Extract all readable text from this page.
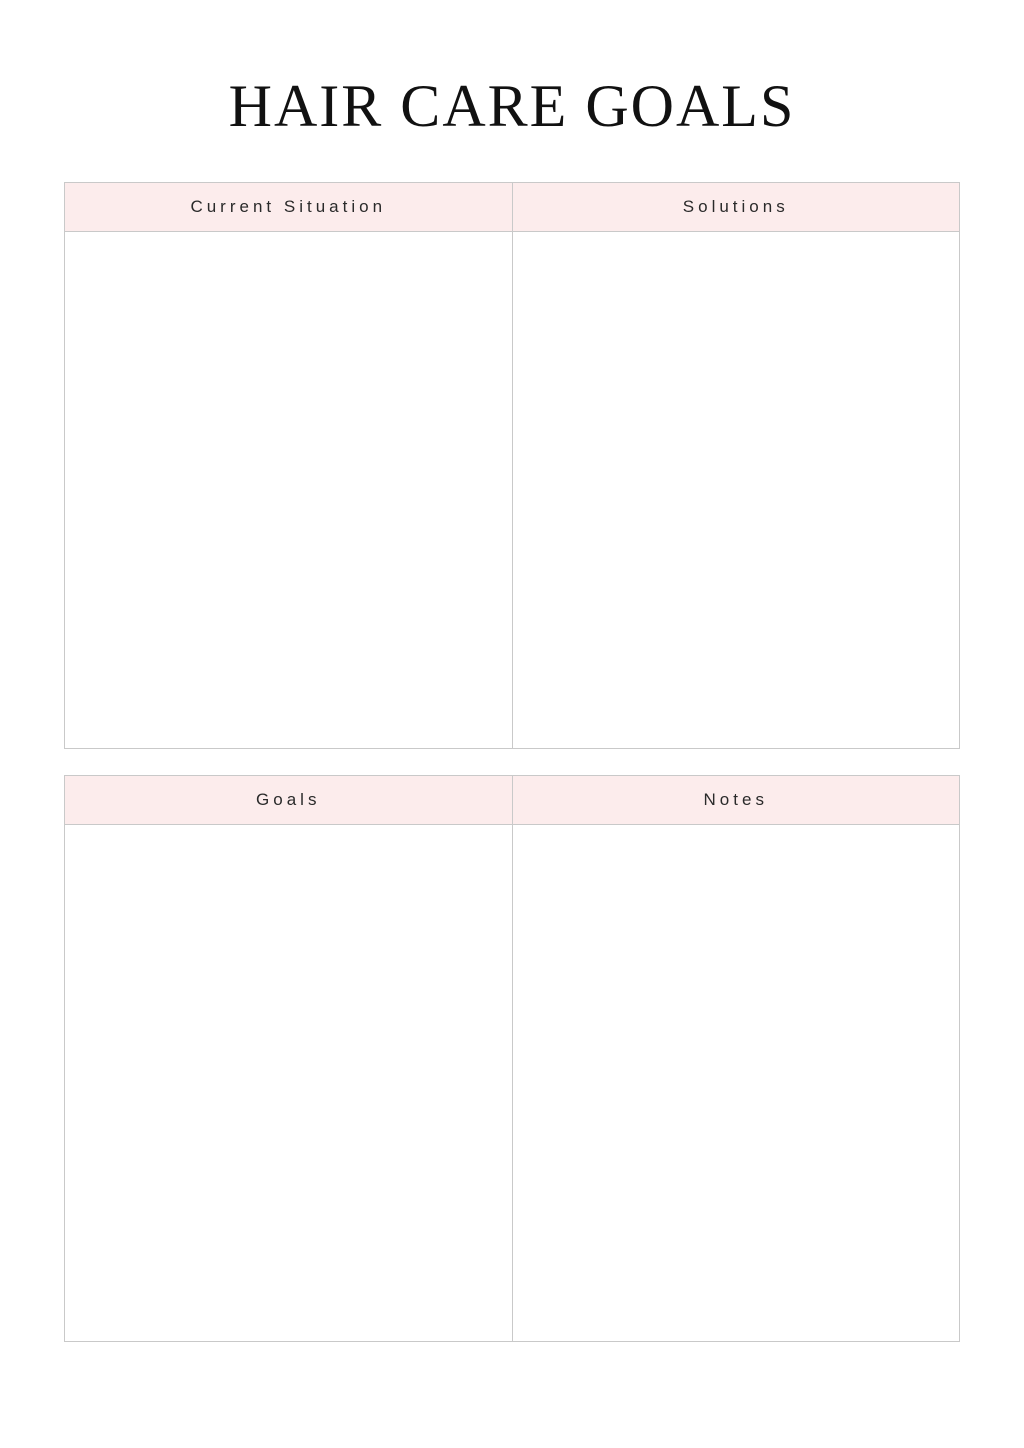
HAIR CARE GOALS
Current Situation	Solutions
Goals	Notes
